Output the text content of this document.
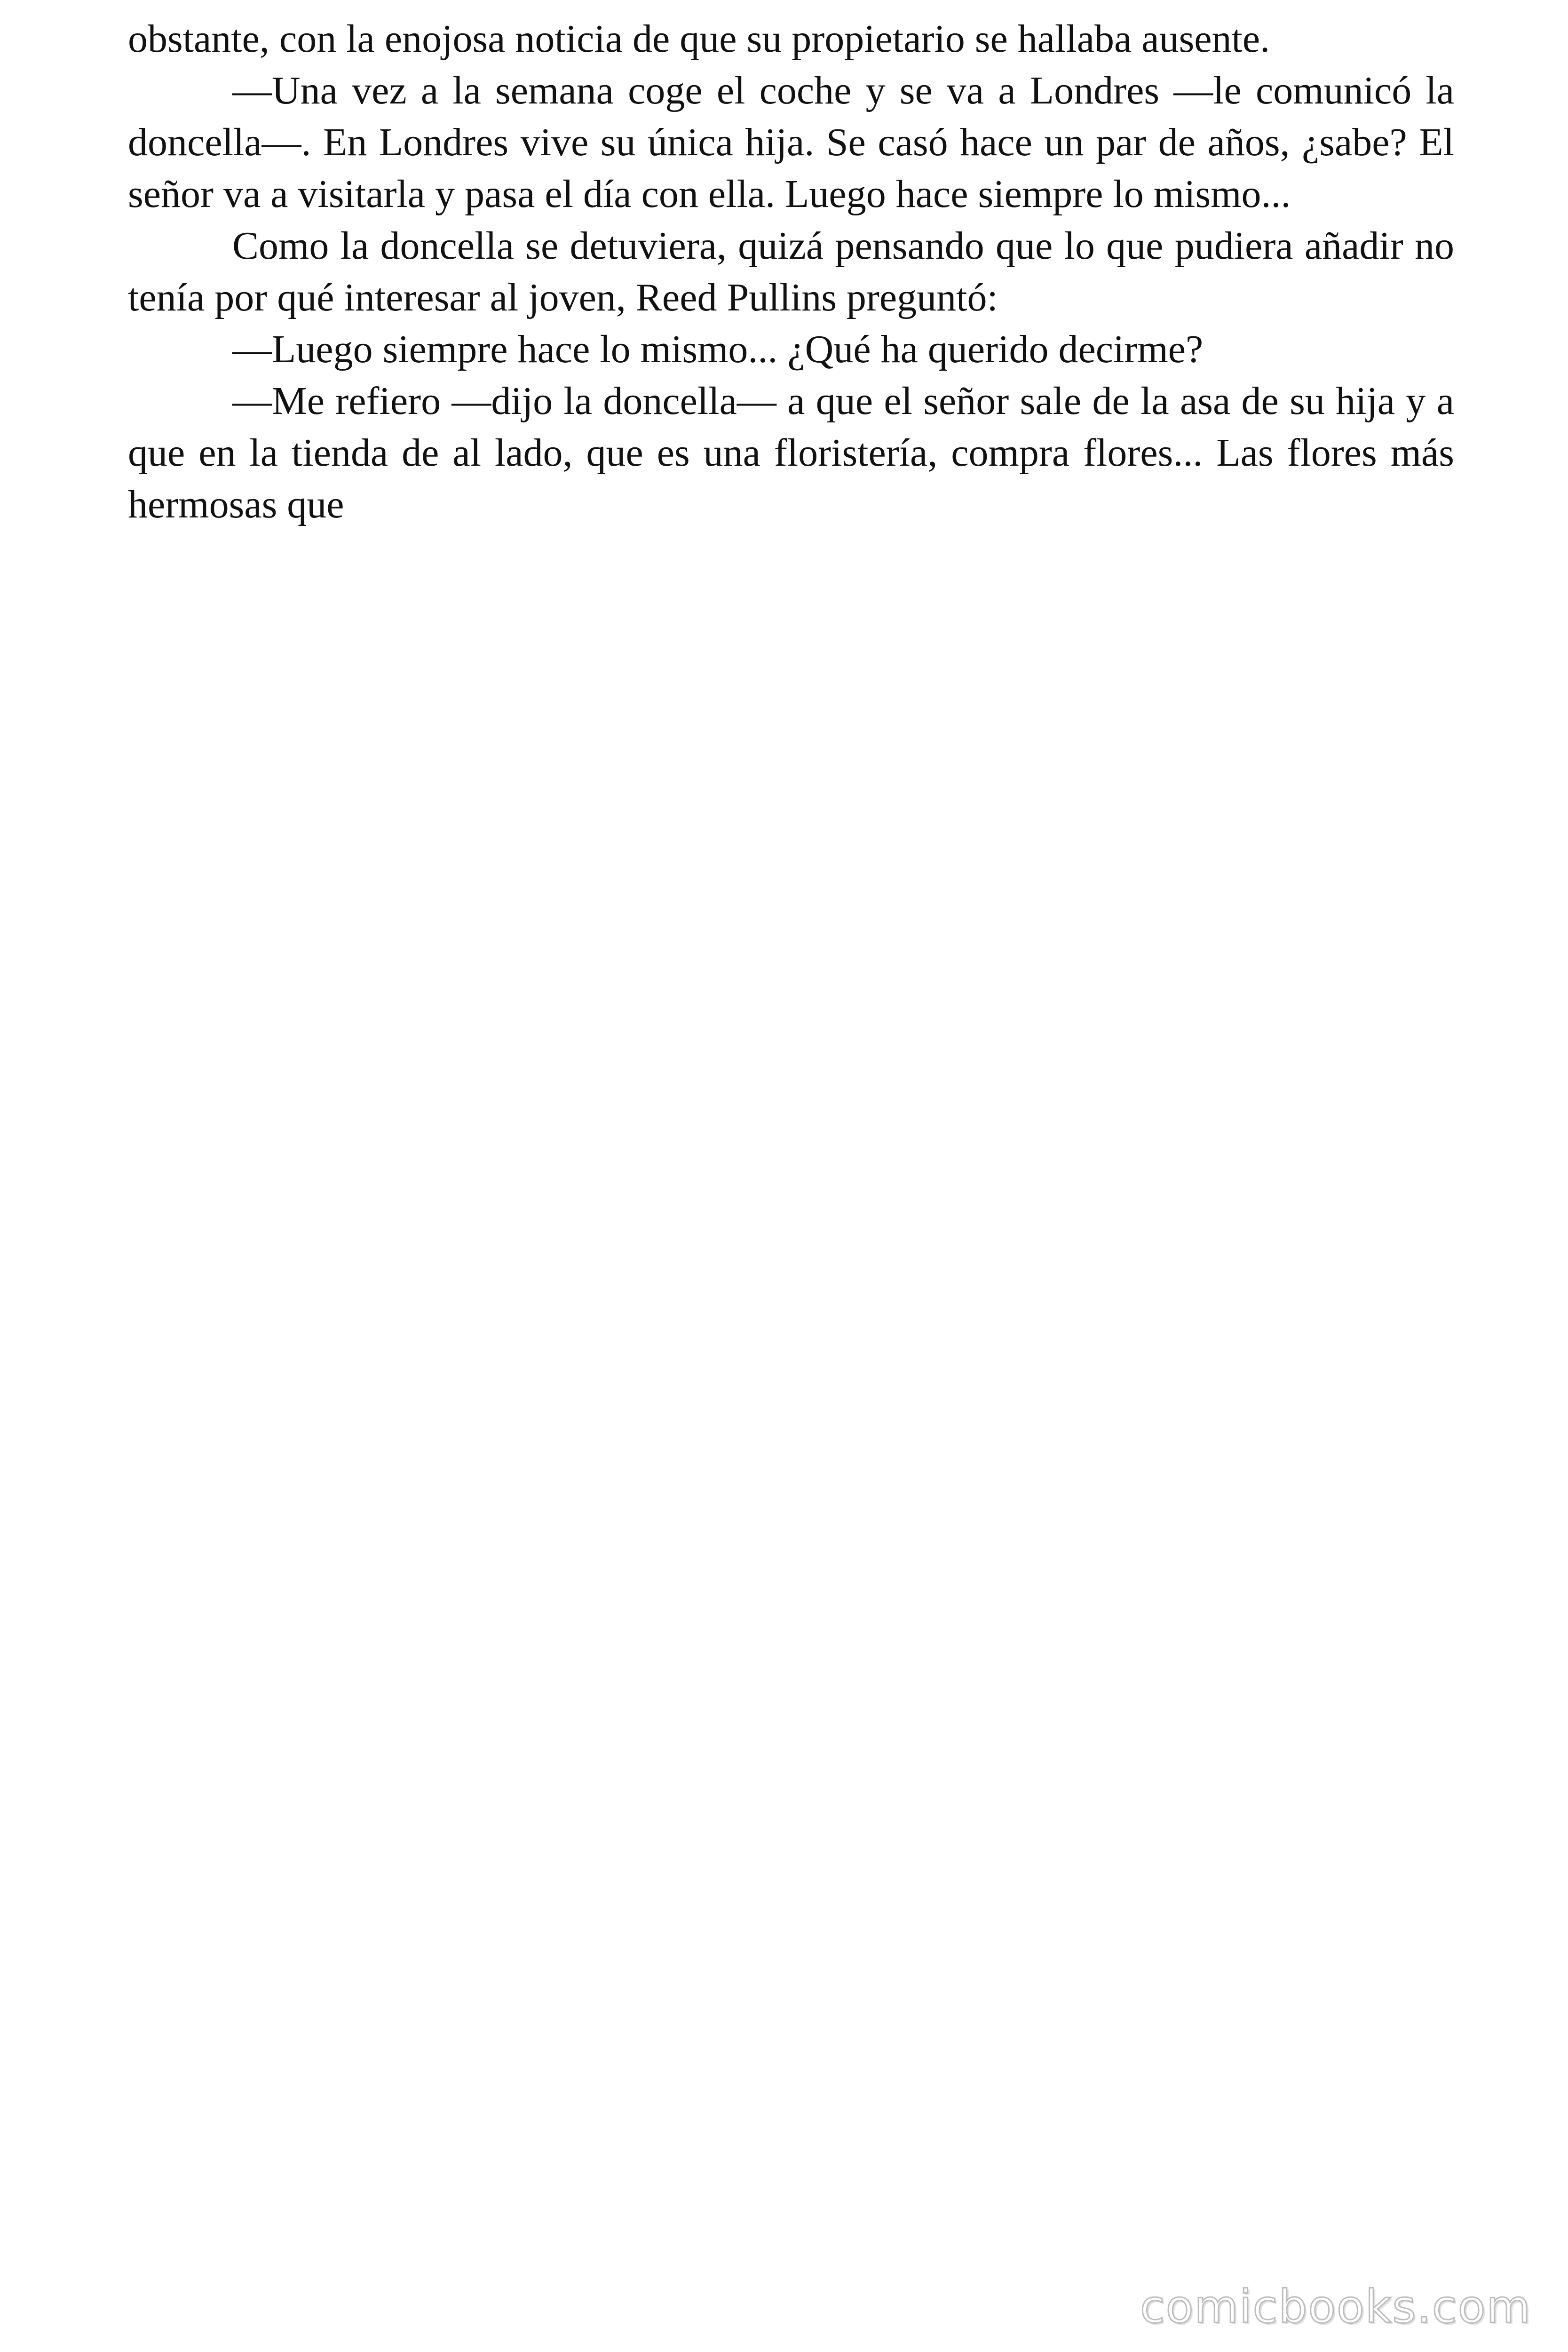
obstante, con la enojosa noticia de que su propietario se hallaba ausente.

—Una vez a la semana coge el coche y se va a Londres —le comunicó la doncella—. En Londres vive su única hija. Se casó hace un par de años, ¿sabe? El señor va a visitarla y pasa el día con ella. Luego hace siempre lo mismo...

Como la doncella se detuviera, quizá pensando que lo que pudiera añadir no tenía por qué interesar al joven, Reed Pullins preguntó:

—Luego siempre hace lo mismo... ¿Qué ha querido decirme?

—Me refiero —dijo la doncella— a que el señor sale de la asa de su hija y a que en la tienda de al lado, que es una floristería, compra flores... Las flores más hermosas que

comicbooks.com
